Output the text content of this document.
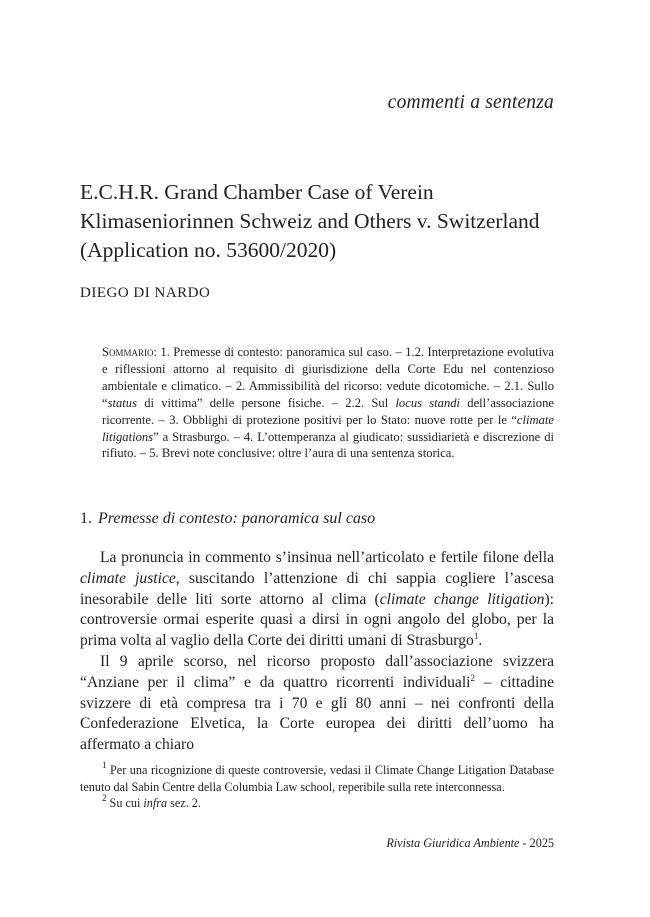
commenti a sentenza
E.C.H.R. Grand Chamber Case of Verein
Klimaseniorinnen Schweiz and Others v. Switzerland
(Application no. 53600/2020)
DIEGO DI NARDO

Sommario: 1. Premesse di contesto: panoramica sul caso. – 1.2. Interpretazione evolutiva e riflessioni attorno al requisito di giurisdizione della Corte Edu nel contenzioso ambientale e climatico. – 2. Ammissibilità del ricorso: vedute dicotomiche. – 2.1. Sullo “status di vittima” delle persone fisiche. – 2.2. Sul locus standi dell’associazione ricorrente. – 3. Obblighi di protezione positivi per lo Stato: nuove rotte per le “climate litigations” a Strasburgo. – 4. L’ottemperanza al giudicato: sussidiarietà e discrezione di rifiuto. – 5. Brevi note conclusive: oltre l’aura di una sentenza storica.

1. Premesse di contesto: panoramica sul caso

La pronuncia in commento s’insinua nell’articolato e fertile filone della climate justice, suscitando l’attenzione di chi sappia cogliere l’ascesa inesorabile delle liti sorte attorno al clima (climate change litigation): controversie ormai esperite quasi a dirsi in ogni angolo del globo, per la prima volta al vaglio della Corte dei diritti umani di Strasburgo$^1$.

Il 9 aprile scorso, nel ricorso proposto dall’associazione svizzera “Anziane per il clima” e da quattro ricorrenti individuali$^2$ – cittadine svizzere di età compresa tra i 70 e gli 80 anni – nei confronti della Confederazione Elvetica, la Corte europea dei diritti dell’uomo ha affermato a chiaro

$^1$ Per una ricognizione di queste controversie, vedasi il Climate Change Litigation Database tenuto dal Sabin Centre della Columbia Law school, reperibile sulla rete interconnessa.

$^2$ Su cui infra sez. 2.

Rivista Giuridica Ambiente - 2025
